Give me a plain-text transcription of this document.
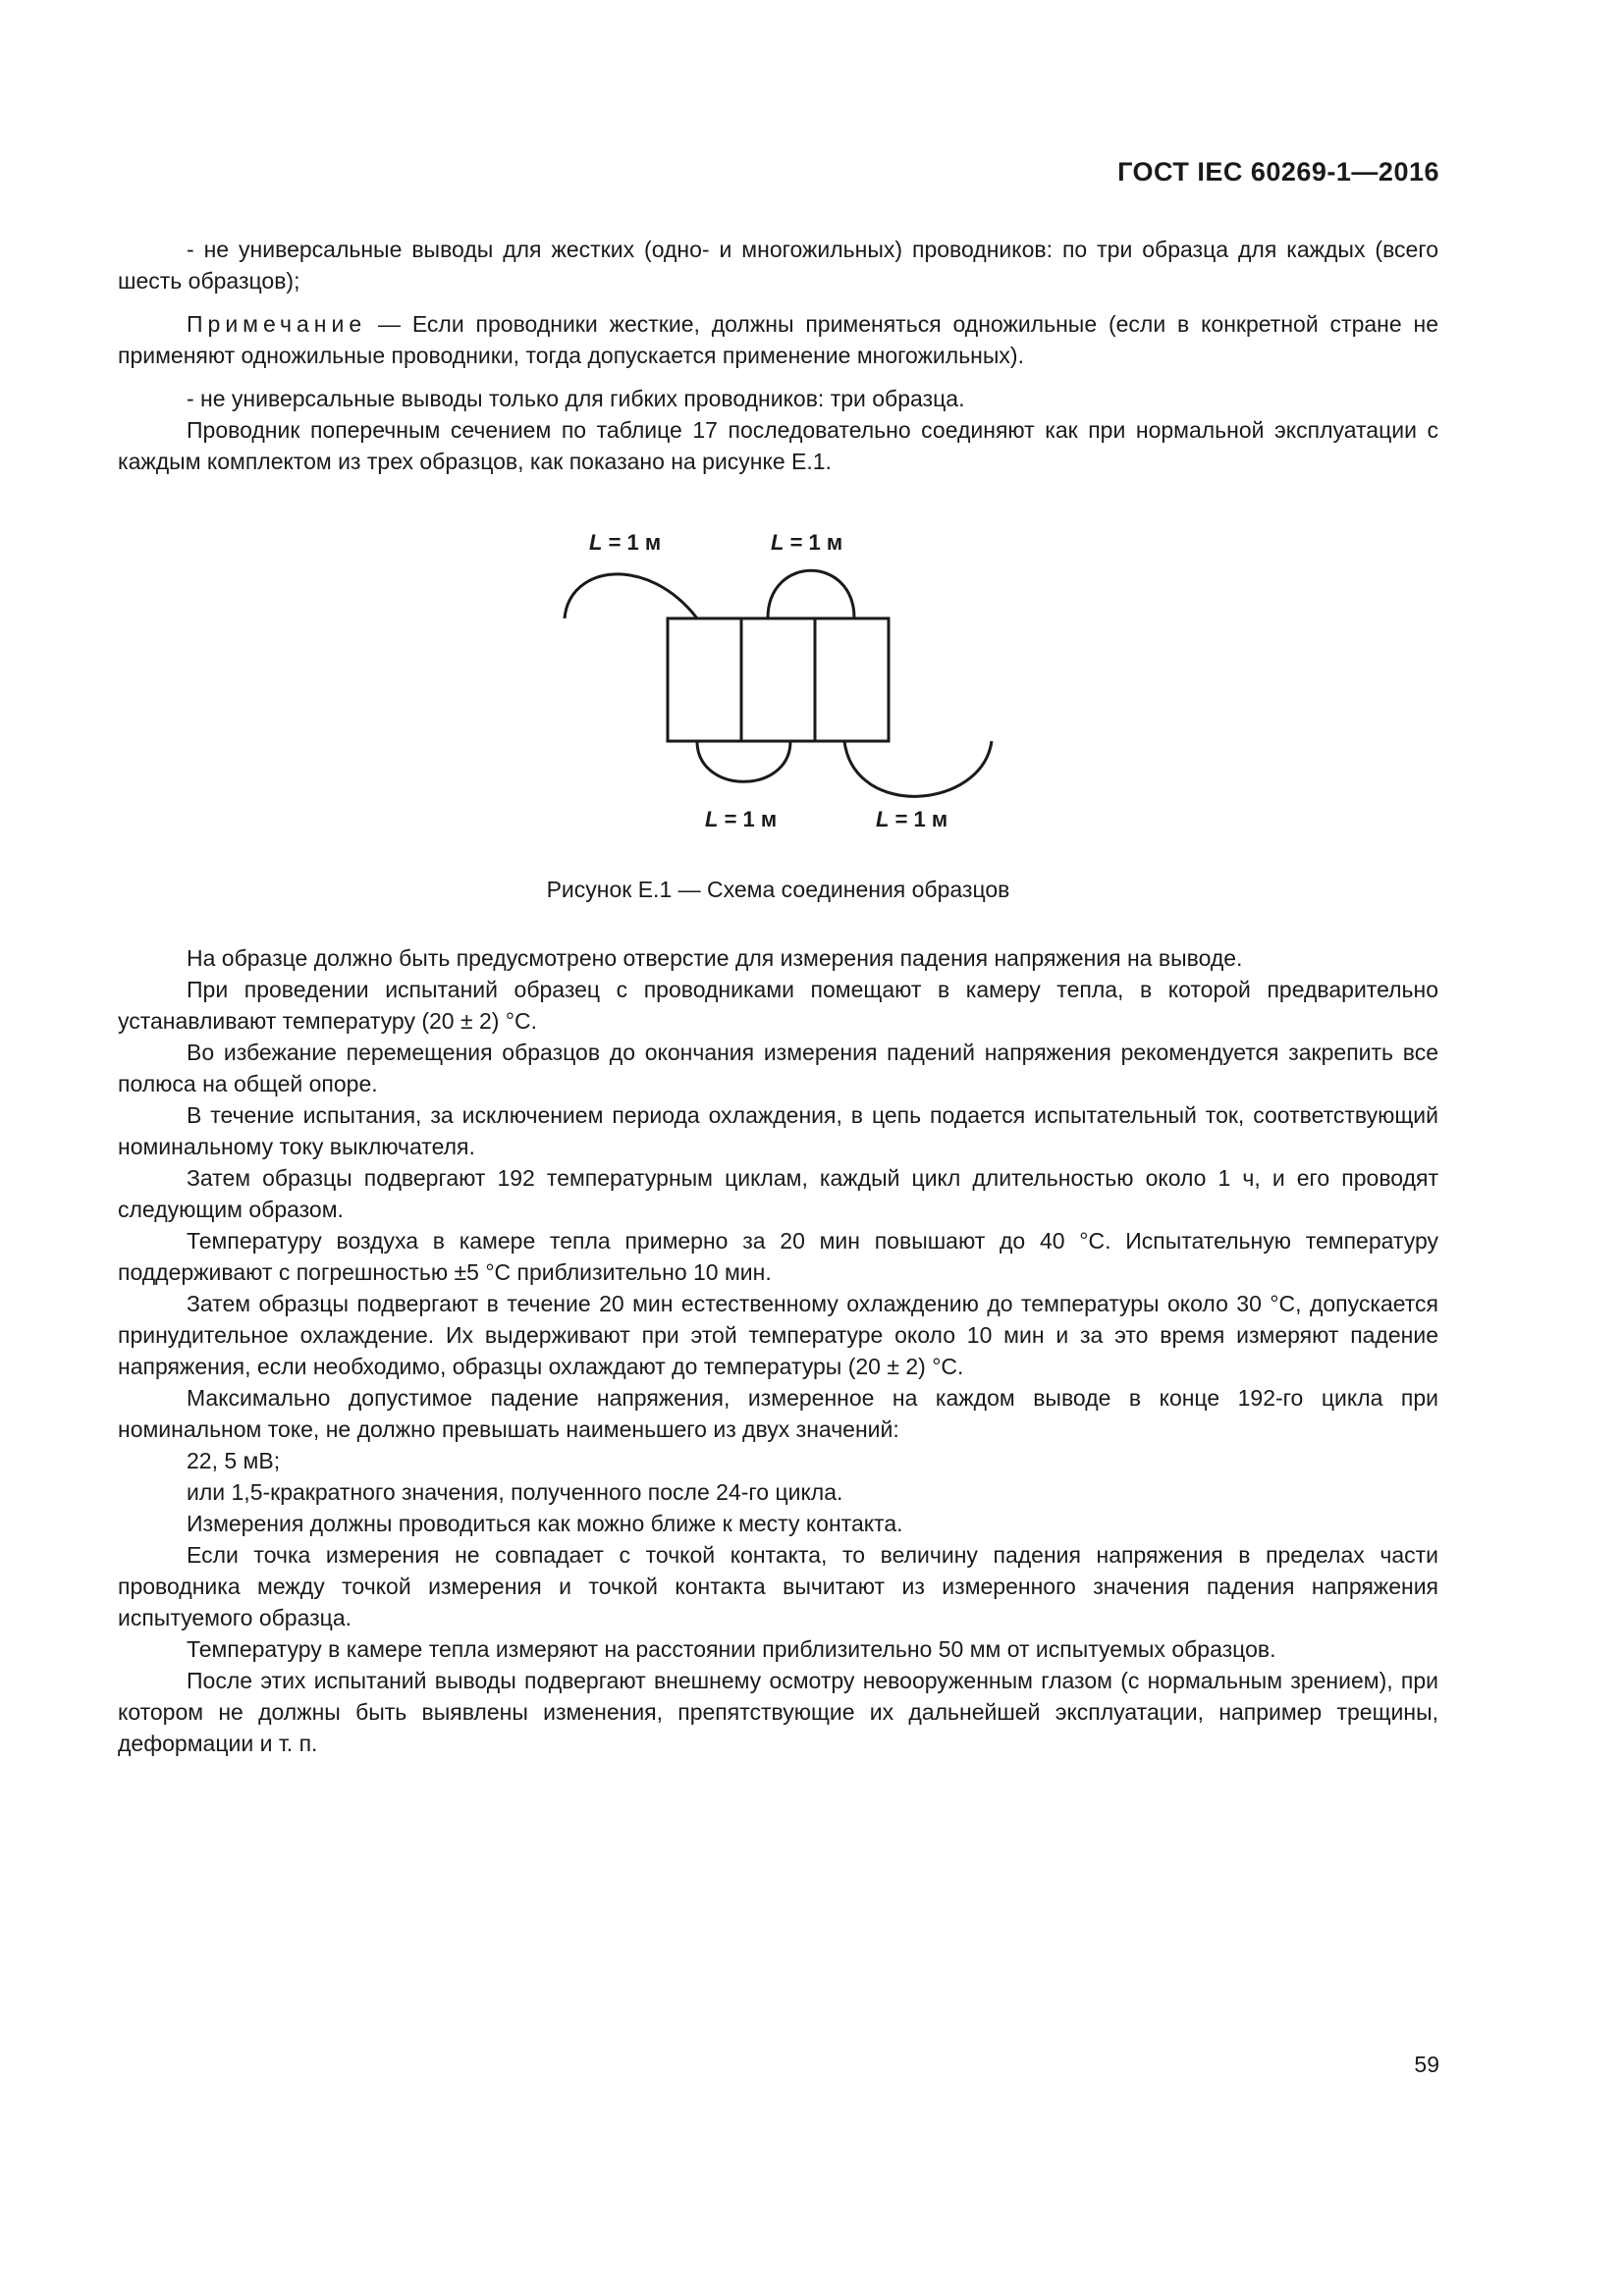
ГОСТ IEC 60269-1—2016

- не универсальные выводы для жестких (одно- и многожильных) проводников: по три образца для каждых (всего шесть образцов);

Примечание — Если проводники жесткие, должны применяться одножильные (если в конкретной стране не применяют одножильные проводники, тогда допускается применение многожильных).

- не универсальные выводы только для гибких проводников: три образца.

Проводник поперечным сечением по таблице 17 последовательно соединяют как при нормальной эксплуатации с каждым комплектом из трех образцов, как показано на рисунке Е.1.

L = 1 м	L = 1 м
L = 1 м	L = 1 м
Рисунок Е.1 — Схема соединения образцов

На образце должно быть предусмотрено отверстие для измерения падения напряжения на выводе.

При проведении испытаний образец с проводниками помещают в камеру тепла, в которой предварительно устанавливают температуру (20 ± 2) °С.

Во избежание перемещения образцов до окончания измерения падений напряжения рекомендуется закрепить все полюса на общей опоре.

В течение испытания, за исключением периода охлаждения, в цепь подается испытательный ток, соответствующий номинальному току выключателя.

Затем образцы подвергают 192 температурным циклам, каждый цикл длительностью около 1 ч, и его проводят следующим образом.

Температуру воздуха в камере тепла примерно за 20 мин повышают до 40 °С. Испытательную температуру поддерживают с погрешностью ±5 °С приблизительно 10 мин.

Затем образцы подвергают в течение 20 мин естественному охлаждению до температуры около 30 °С, допускается принудительное охлаждение. Их выдерживают при этой температуре около 10 мин и за это время измеряют падение напряжения, если необходимо, образцы охлаждают до температуры (20 ± 2) °С.

Максимально допустимое падение напряжения, измеренное на каждом выводе в конце 192-го цикла при номинальном токе, не должно превышать наименьшего из двух значений:

22, 5 мВ;

или 1,5-кракратного значения, полученного после 24-го цикла.

Измерения должны проводиться как можно ближе к месту контакта.

Если точка измерения не совпадает с точкой контакта, то величину падения напряжения в пределах части проводника между точкой измерения и точкой контакта вычитают из измеренного значения падения напряжения испытуемого образца.

Температуру в камере тепла измеряют на расстоянии приблизительно 50 мм от испытуемых образцов.

После этих испытаний выводы подвергают внешнему осмотру невооруженным глазом (с нормальным зрением), при котором не должны быть выявлены изменения, препятствующие их дальнейшей эксплуатации, например трещины, деформации и т. п.

59
